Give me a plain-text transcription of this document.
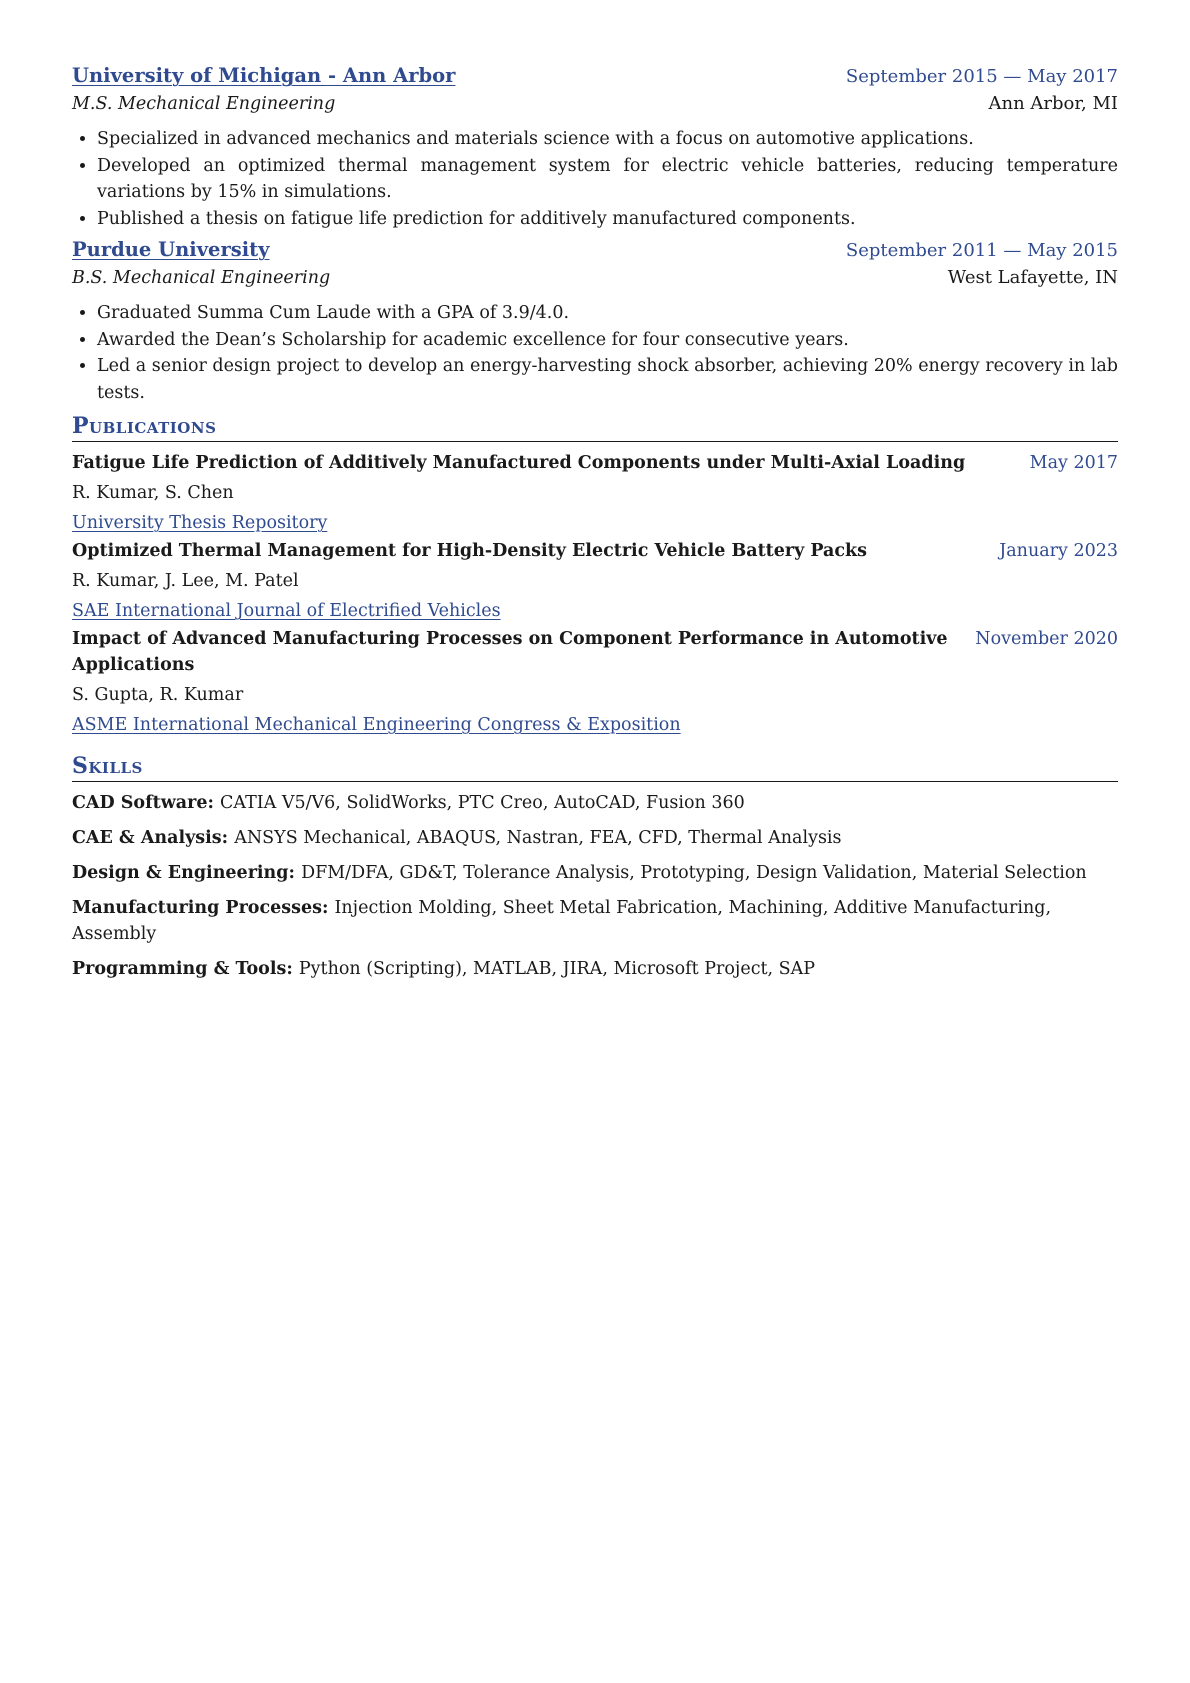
University of Michigan - Ann Arbor	September 2015 — May 2017
M.S. Mechanical Engineering	Ann Arbor, MI
• Specialized in advanced mechanics and materials science with a focus on automotive applications.
• Developed an optimized thermal management system for electric vehicle batteries, reducing temperature variations by 15% in simulations.
• Published a thesis on fatigue life prediction for additively manufactured components.
Purdue University	September 2011 — May 2015
B.S. Mechanical Engineering	West Lafayette, IN
• Graduated Summa Cum Laude with a GPA of 3.9/4.0.
• Awarded the Dean’s Scholarship for academic excellence for four consecutive years.
• Led a senior design project to develop an energy-harvesting shock absorber, achieving 20% energy recovery in lab tests.
Publications
Fatigue Life Prediction of Additively Manufactured Components under Multi-Axial Loading	May 2017
R. Kumar, S. Chen
University Thesis Repository
Optimized Thermal Management for High-Density Electric Vehicle Battery Packs	January 2023
R. Kumar, J. Lee, M. Patel
SAE International Journal of Electrified Vehicles
Impact of Advanced Manufacturing Processes on Component Performance in Automotive Applications
November 2020
S. Gupta, R. Kumar
ASME International Mechanical Engineering Congress & Exposition
Skills
CAD Software: CATIA V5/V6, SolidWorks, PTC Creo, AutoCAD, Fusion 360
CAE & Analysis: ANSYS Mechanical, ABAQUS, Nastran, FEA, CFD, Thermal Analysis
Design & Engineering: DFM/DFA, GD&T, Tolerance Analysis, Prototyping, Design Validation, Material Selection
Manufacturing Processes: Injection Molding, Sheet Metal Fabrication, Machining, Additive Manufacturing, Assembly
Programming & Tools: Python (Scripting), MATLAB, JIRA, Microsoft Project, SAP
